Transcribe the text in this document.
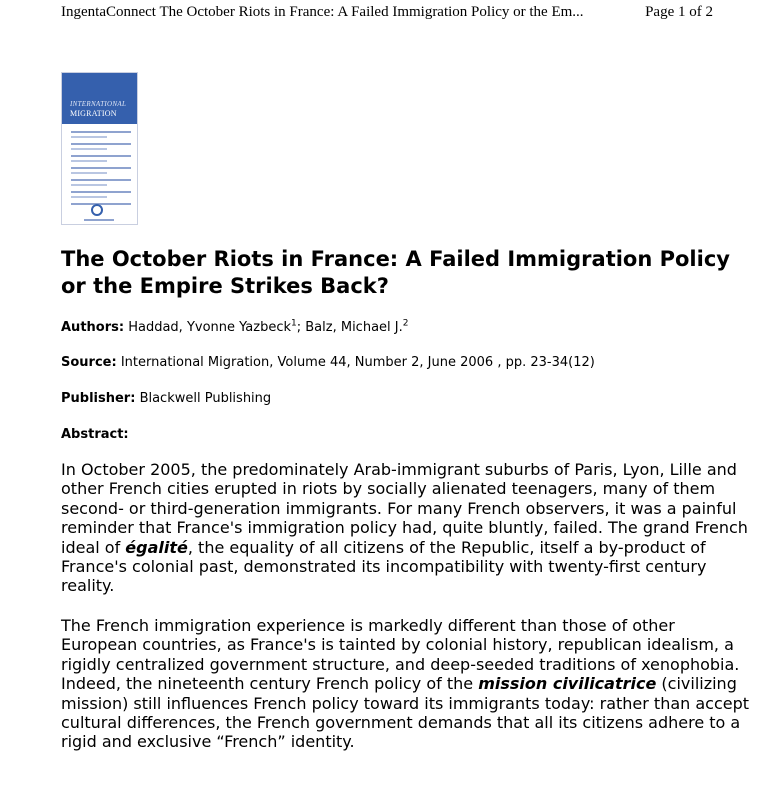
IngentaConnect The October Riots in France: A Failed Immigration Policy or the Em...	Page 1 of 2
INTERNATIONAL
MIGRATION
The October Riots in France: A Failed Immigration Policy or the Empire Strikes Back?
Authors: Haddad, Yvonne Yazbeck$^1$; Balz, Michael J.$^2$
Source: International Migration, Volume 44, Number 2, June 2006 , pp. 23-34(12)
Publisher: Blackwell Publishing
Abstract:

In October 2005, the predominately Arab-immigrant suburbs of Paris, Lyon, Lille and other French cities erupted in riots by socially alienated teenagers, many of them second- or third-generation immigrants. For many French observers, it was a painful reminder that France's immigration policy had, quite bluntly, failed. The grand French ideal of égalité, the equality of all citizens of the Republic, itself a by-product of France's colonial past, demonstrated its incompatibility with twenty-first century reality.

The French immigration experience is markedly different than those of other European countries, as France's is tainted by colonial history, republican idealism, a rigidly centralized government structure, and deep-seeded traditions of xenophobia. Indeed, the nineteenth century French policy of the mission civilicatrice (civilizing mission) still influences French policy toward its immigrants today: rather than accept cultural differences, the French government demands that all its citizens adhere to a rigid and exclusive “French” identity.
